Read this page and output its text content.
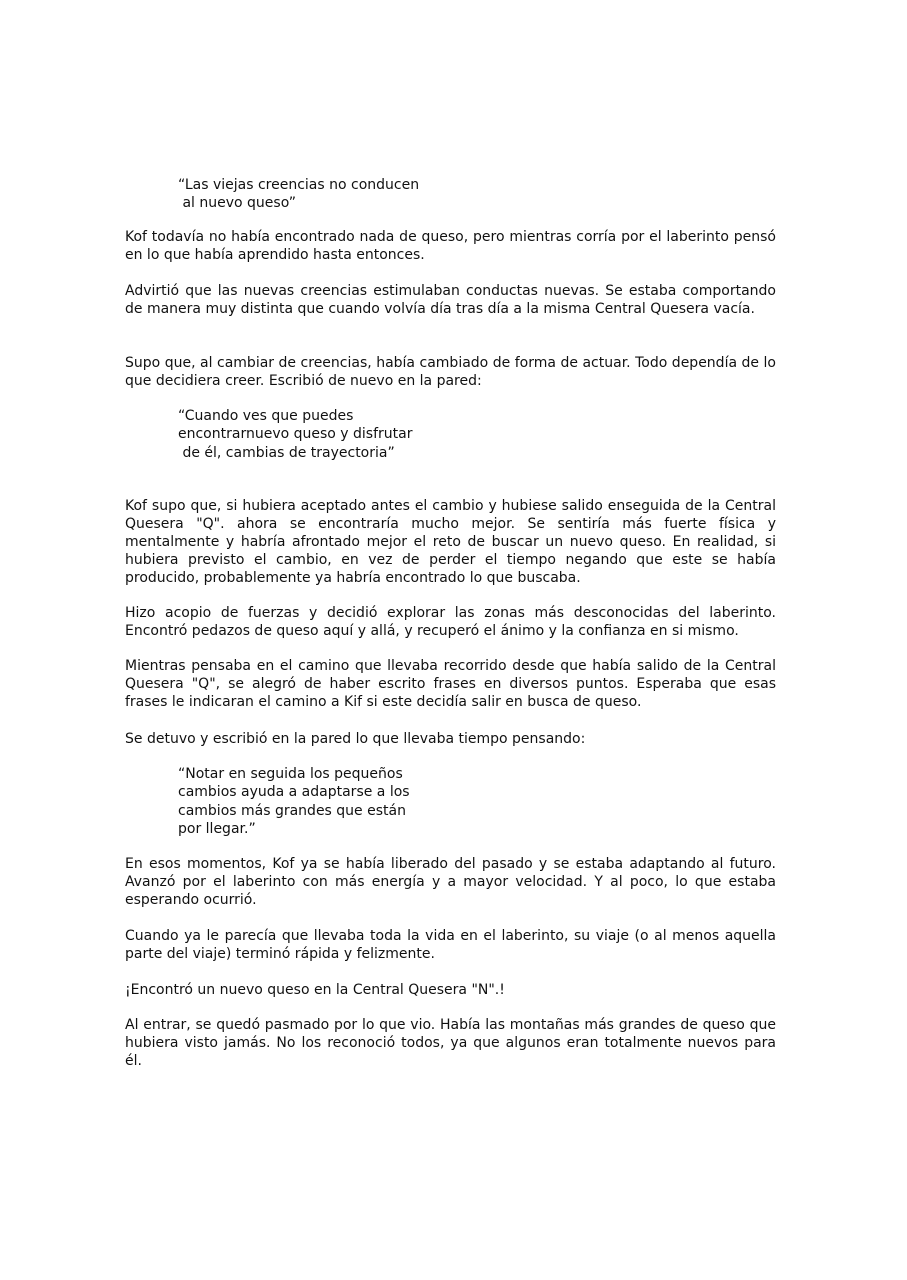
“Las viejas creencias no conducen
al nuevo queso”

Kof todavía no había encontrado nada de queso, pero mientras corría por el laberinto pensó en lo que había aprendido hasta entonces.

Advirtió que las nuevas creencias estimulaban conductas nuevas. Se estaba comportando de manera muy distinta que cuando volvía día tras día a la misma Central Quesera vacía.

Supo que, al cambiar de creencias, había cambiado de forma de actuar. Todo dependía de lo que decidiera creer. Escribió de nuevo en la pared:

“Cuando ves que puedes
encontrarnuevo queso y disfrutar
de él, cambias de trayectoria”

Kof supo que, si hubiera aceptado antes el cambio y hubiese salido enseguida de la Central Quesera "Q". ahora se encontraría mucho mejor. Se sentiría más fuerte física y mentalmente y habría afrontado mejor el reto de buscar un nuevo queso. En realidad, si hubiera previsto el cambio, en vez de perder el tiempo negando que este se había producido, probablemente ya habría encontrado lo que buscaba.

Hizo acopio de fuerzas y decidió explorar las zonas más desconocidas del laberinto. Encontró pedazos de queso aquí y allá, y recuperó el ánimo y la confianza en si mismo.

Mientras pensaba en el camino que llevaba recorrido desde que había salido de la Central Quesera "Q", se alegró de haber escrito frases en diversos puntos. Esperaba que esas frases le indicaran el camino a Kif si este decidía salir en busca de queso.

Se detuvo y escribió en la pared lo que llevaba tiempo pensando:

“Notar en seguida los pequeños
cambios ayuda a adaptarse a los
cambios más grandes que están
por llegar.”

En esos momentos, Kof ya se había liberado del pasado y se estaba adaptando al futuro. Avanzó por el laberinto con más energía y a mayor velocidad. Y al poco, lo que estaba esperando ocurrió.

Cuando ya le parecía que llevaba toda la vida en el laberinto, su viaje (o al menos aquella parte del viaje) terminó rápida y felizmente.

¡Encontró un nuevo queso en la Central Quesera "N".!

Al entrar, se quedó pasmado por lo que vio. Había las montañas más grandes de queso que hubiera visto jamás. No los reconoció todos, ya que algunos eran totalmente nuevos para él.
